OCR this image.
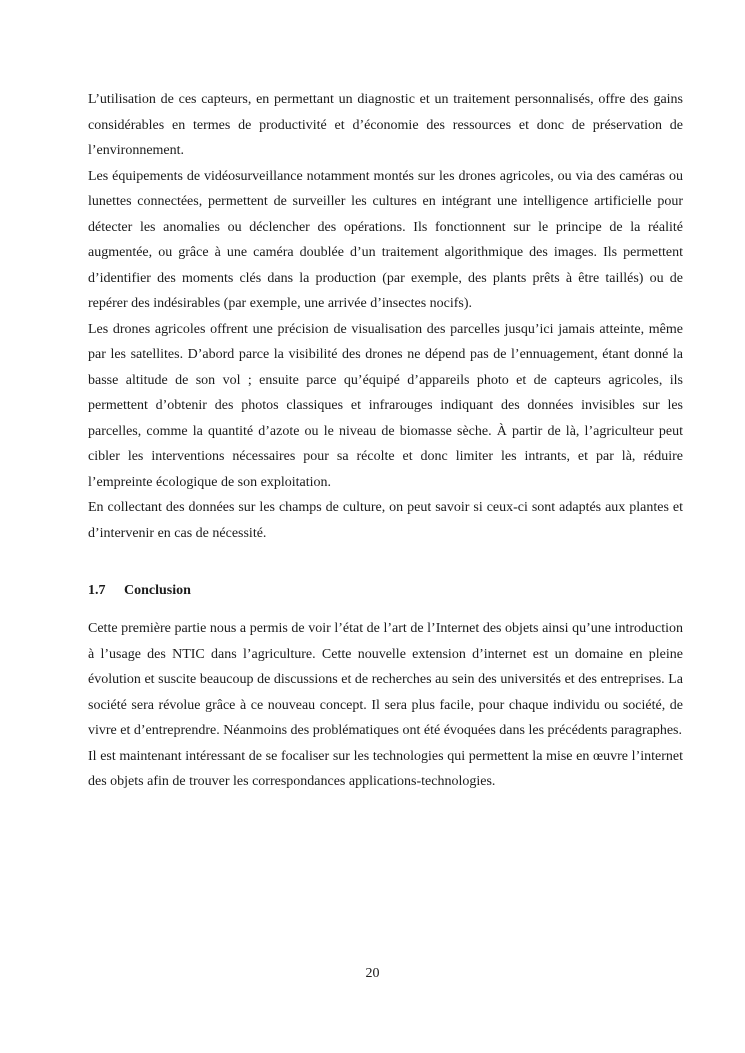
L’utilisation de ces capteurs, en permettant un diagnostic et un traitement personnalisés, offre des gains considérables en termes de productivité et d’économie des ressources et donc de préservation de l’environnement.

Les équipements de vidéosurveillance notamment montés sur les drones agricoles, ou via des caméras ou lunettes connectées, permettent de surveiller les cultures en intégrant une intelligence artificielle pour détecter les anomalies ou déclencher des opérations. Ils fonctionnent sur le principe de la réalité augmentée, ou grâce à une caméra doublée d’un traitement algorithmique des images. Ils permettent d’identifier des moments clés dans la production (par exemple, des plants prêts à être taillés) ou de repérer des indésirables (par exemple, une arrivée d’insectes nocifs).

Les drones agricoles offrent une précision de visualisation des parcelles jusqu’ici jamais atteinte, même par les satellites. D’abord parce la visibilité des drones ne dépend pas de l’ennuagement, étant donné la basse altitude de son vol ; ensuite parce qu’équipé d’appareils photo et de capteurs agricoles, ils permettent d’obtenir des photos classiques et infrarouges indiquant des données invisibles sur les parcelles, comme la quantité d’azote ou le niveau de biomasse sèche. À partir de là, l’agriculteur peut cibler les interventions nécessaires pour sa récolte et donc limiter les intrants, et par là, réduire l’empreinte écologique de son exploitation.

En collectant des données sur les champs de culture, on peut savoir si ceux-ci sont adaptés aux plantes et d’intervenir en cas de nécessité.

1.7 Conclusion

Cette première partie nous a permis de voir l’état de l’art de l’Internet des objets ainsi qu’une introduction à l’usage des NTIC dans l’agriculture. Cette nouvelle extension d’internet est un domaine en pleine évolution et suscite beaucoup de discussions et de recherches au sein des universités et des entreprises. La société sera révolue grâce à ce nouveau concept. Il sera plus facile, pour chaque individu ou société, de vivre et d’entreprendre. Néanmoins des problématiques ont été évoquées dans les précédents paragraphes.

Il est maintenant intéressant de se focaliser sur les technologies qui permettent la mise en œuvre l’internet des objets afin de trouver les correspondances applications-technologies.

20
